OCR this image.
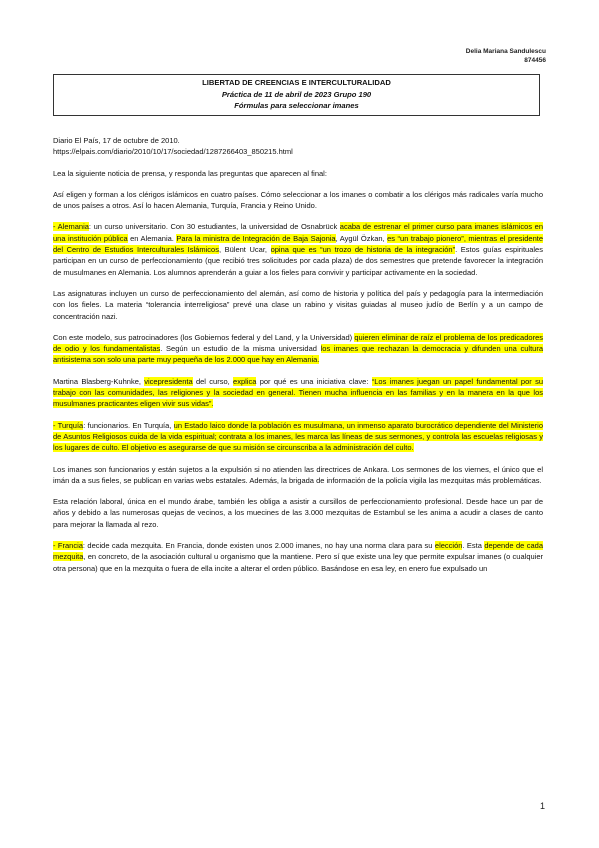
Delia Mariana Sandulescu
874456
LIBERTAD DE CREENCIAS E INTERCULTURALIDAD
Práctica de 11 de abril de 2023 Grupo 190
Fórmulas para seleccionar imanes

Diario El País, 17 de octubre de 2010.
https://elpais.com/diario/2010/10/17/sociedad/1287266403_850215.html

Lea la siguiente noticia de prensa, y responda las preguntas que aparecen al final:

Así eligen y forman a los clérigos islámicos en cuatro países. Cómo seleccionar a los imanes o combatir a los clérigos más radicales varía mucho de unos países a otros. Así lo hacen Alemania, Turquía, Francia y Reino Unido.

- Alemania: un curso universitario. Con 30 estudiantes, la universidad de Osnabrück acaba de estrenar el primer curso para imanes islámicos en una institución pública en Alemania. Para la ministra de Integración de Baja Sajonia, Aygül Özkan, es “un trabajo pionero”, mientras el presidente del Centro de Estudios Interculturales Islámicos, Bülent Ucar, opina que es “un trozo de historia de la integración”. Estos guías espirituales participan en un curso de perfeccionamiento (que recibió tres solicitudes por cada plaza) de dos semestres que pretende favorecer la integración de musulmanes en Alemania. Los alumnos aprenderán a guiar a los fieles para convivir y participar activamente en la sociedad.

Las asignaturas incluyen un curso de perfeccionamiento del alemán, así como de historia y política del país y pedagogía para la intermediación con los fieles. La materia “tolerancia interreligiosa” prevé una clase un rabino y visitas guiadas al museo judío de Berlín y a un campo de concentración nazi.

Con este modelo, sus patrocinadores (los Gobiernos federal y del Land, y la Universidad) quieren eliminar de raíz el problema de los predicadores de odio y los fundamentalistas. Según un estudio de la misma universidad los imanes que rechazan la democracia y difunden una cultura antisistema son solo una parte muy pequeña de los 2.000 que hay en Alemania.

Martina Blasberg-Kuhnke, vicepresidenta del curso, explica por qué es una iniciativa clave: “Los imanes juegan un papel fundamental por su trabajo con las comunidades, las religiones y la sociedad en general. Tienen mucha influencia en las familias y en la manera en la que los musulmanes practicantes eligen vivir sus vidas”.

- Turquía: funcionarios. En Turquía, un Estado laico donde la población es musulmana, un inmenso aparato burocrático dependiente del Ministerio de Asuntos Religiosos cuida de la vida espiritual; contrata a los imanes, les marca las líneas de sus sermones, y controla las escuelas religiosas y los lugares de culto. El objetivo es asegurarse de que su misión se circunscriba a la administración del culto.

Los imanes son funcionarios y están sujetos a la expulsión si no atienden las directrices de Ankara. Los sermones de los viernes, el único que el imán da a sus fieles, se publican en varias webs estatales. Además, la brigada de información de la policía vigila las mezquitas más problemáticas.

Esta relación laboral, única en el mundo árabe, también les obliga a asistir a cursillos de perfeccionamiento profesional. Desde hace un par de años y debido a las numerosas quejas de vecinos, a los muecines de las 3.000 mezquitas de Estambul se les anima a acudir a clases de canto para mejorar la llamada al rezo.

- Francia: decide cada mezquita. En Francia, donde existen unos 2.000 imanes, no hay una norma clara para su elección. Esta depende de cada mezquita, en concreto, de la asociación cultural u organismo que la mantiene. Pero sí que existe una ley que permite expulsar imanes (o cualquier otra persona) que en la mezquita o fuera de ella incite a alterar el orden público. Basándose en esa ley, en enero fue expulsado un

1
